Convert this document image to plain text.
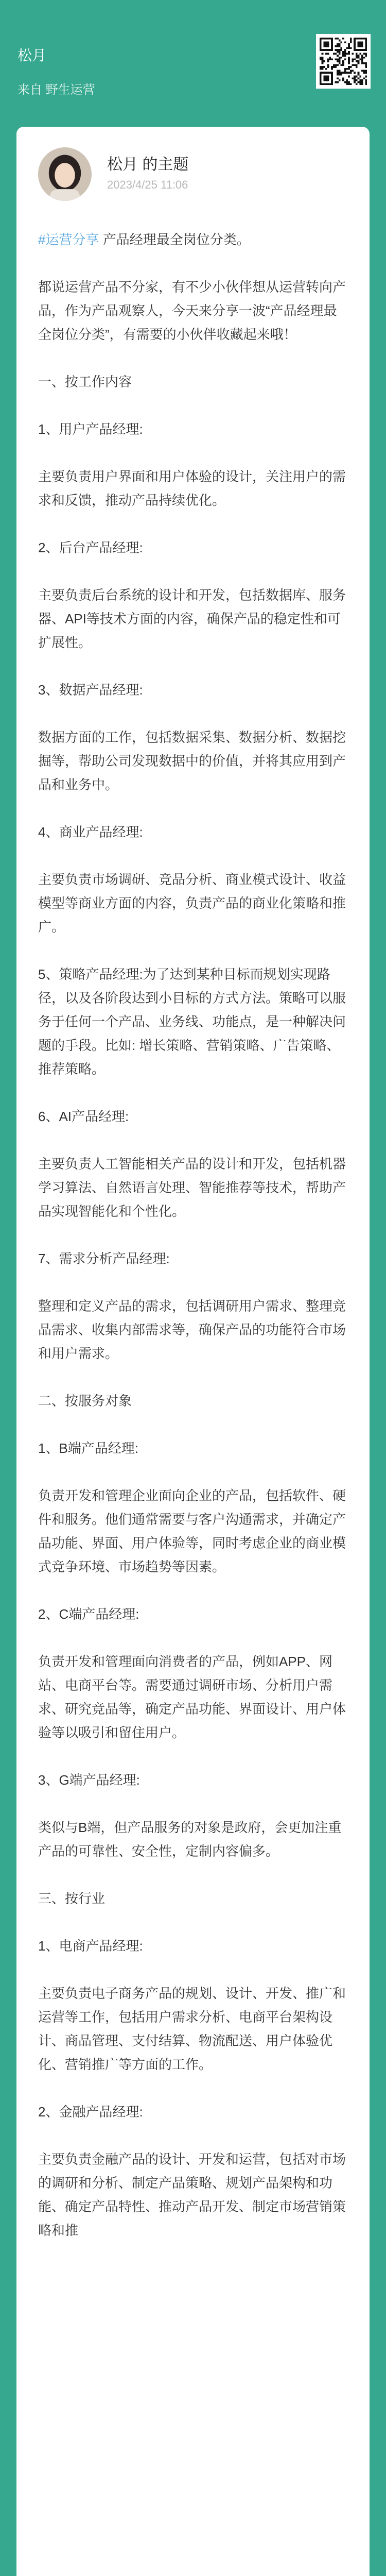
松月
来自 野生运营
松月 的主题
2023/4/25 11:06

#运营分享 产品经理最全岗位分类。

都说运营产品不分家，有不少小伙伴想从运营转向产品，作为产品观察人，今天来分享一波“产品经理最全岗位分类”，有需要的小伙伴收藏起来哦！

一、按工作内容

1、用户产品经理:

主要负责用户界面和用户体验的设计，关注用户的需求和反馈，推动产品持续优化。

2、后台产品经理:

主要负责后台系统的设计和开发，包括数据库、服务器、API等技术方面的内容，确保产品的稳定性和可扩展性。

3、数据产品经理:

数据方面的工作，包括数据采集、数据分析、数据挖掘等，帮助公司发现数据中的价值，并将其应用到产品和业务中。

4、商业产品经理:

主要负责市场调研、竞品分析、商业模式设计、收益模型等商业方面的内容，负责产品的商业化策略和推广。

5、策略产品经理:为了达到某种目标而规划实现路径，以及各阶段达到小目标的方式方法。策略可以服务于任何一个产品、业务线、功能点，是一种解决问题的手段。比如: 增长策略、营销策略、广告策略、推荐策略。

6、AI产品经理:

主要负责人工智能相关产品的设计和开发，包括机器学习算法、自然语言处理、智能推荐等技术，帮助产品实现智能化和个性化。

7、需求分析产品经理:

整理和定义产品的需求，包括调研用户需求、整理竞品需求、收集内部需求等，确保产品的功能符合市场和用户需求。

二、按服务对象

1、B端产品经理:

负责开发和管理企业面向企业的产品，包括软件、硬件和服务。他们通常需要与客户沟通需求，并确定产品功能、界面、用户体验等，同时考虑企业的商业模式竞争环境、市场趋势等因素。

2、C端产品经理:

负责开发和管理面向消费者的产品，例如APP、网站、电商平台等。需要通过调研市场、分析用户需求、研究竞品等，确定产品功能、界面设计、用户体验等以吸引和留住用户。

3、G端产品经理:

类似与B端，但产品服务的对象是政府，会更加注重产品的可靠性、安全性，定制内容偏多。

三、按行业

1、电商产品经理:

主要负责电子商务产品的规划、设计、开发、推广和运营等工作，包括用户需求分析、电商平台架构设计、商品管理、支付结算、物流配送、用户体验优化、营销推广等方面的工作。

2、金融产品经理:

主要负责金融产品的设计、开发和运营，包括对市场的调研和分析、制定产品策略、规划产品架构和功能、确定产品特性、推动产品开发、制定市场营销策略和推
